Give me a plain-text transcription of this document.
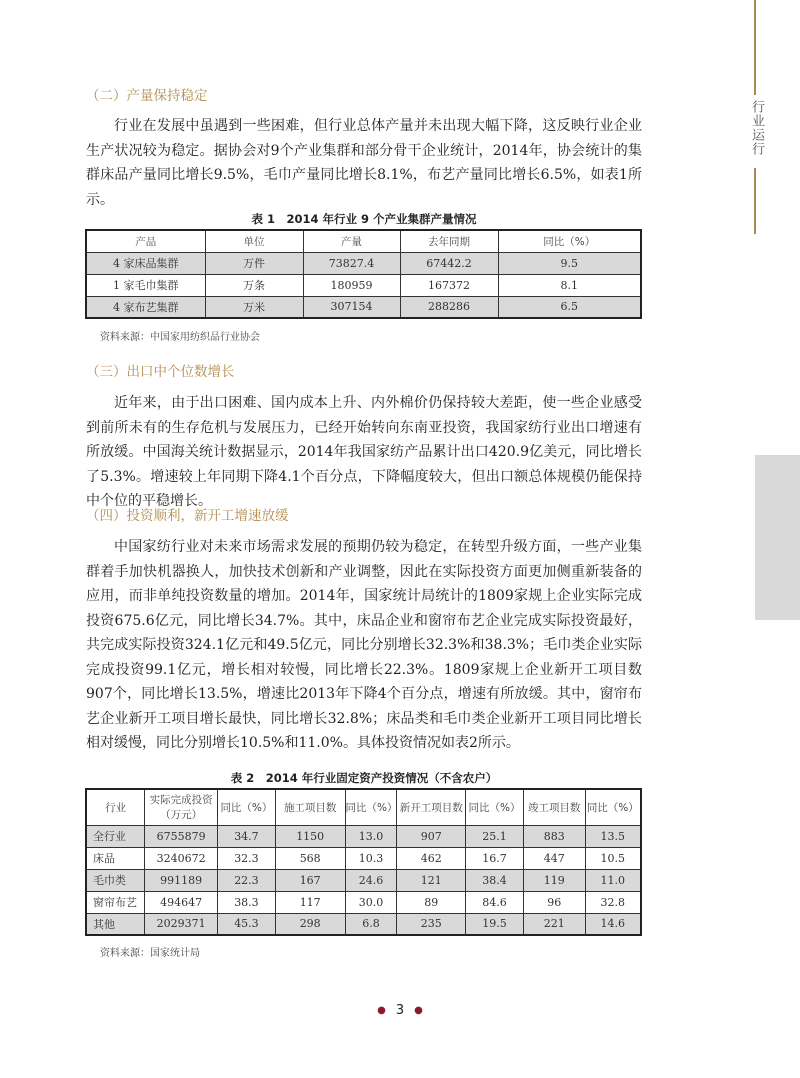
行业运行
（二）产量保持稳定
行业在发展中虽遇到一些困难，但行业总体产量并未出现大幅下降，这反映行业企业生产状况较为稳定。据协会对9个产业集群和部分骨干企业统计，2014年，协会统计的集群床品产量同比增长9.5%，毛巾产量同比增长8.1%，布艺产量同比增长6.5%，如表1所示。
表 1　2014 年行业 9 个产业集群产量情况
产品	单位	产量	去年同期	同比（%）
4 家床品集群	万件	73827.4	67442.2	9.5
1 家毛巾集群	万条	180959	167372	8.1
4 家布艺集群	万米	307154	288286	6.5
资料来源：中国家用纺织品行业协会
（三）出口中个位数增长
近年来，由于出口困难、国内成本上升、内外棉价仍保持较大差距，使一些企业感受到前所未有的生存危机与发展压力，已经开始转向东南亚投资，我国家纺行业出口增速有所放缓。中国海关统计数据显示，2014年我国家纺产品累计出口420.9亿美元，同比增长了5.3%。增速较上年同期下降4.1个百分点，下降幅度较大，但出口额总体规模仍能保持中个位的平稳增长。
（四）投资顺利，新开工增速放缓
中国家纺行业对未来市场需求发展的预期仍较为稳定，在转型升级方面，一些产业集群着手加快机器换人，加快技术创新和产业调整，因此在实际投资方面更加侧重新装备的应用，而非单纯投资数量的增加。2014年，国家统计局统计的1809家规上企业实际完成投资675.6亿元，同比增长34.7%。其中，床品企业和窗帘布艺企业完成实际投资最好，共完成实际投资324.1亿元和49.5亿元，同比分别增长32.3%和38.3%；毛巾类企业实际完成投资99.1亿元，增长相对较慢，同比增长22.3%。1809家规上企业新开工项目数907个，同比增长13.5%，增速比2013年下降4个百分点，增速有所放缓。其中，窗帘布艺企业新开工项目增长最快，同比增长32.8%；床品类和毛巾类企业新开工项目同比增长相对缓慢，同比分别增长10.5%和11.0%。具体投资情况如表2所示。
表 2　2014 年行业固定资产投资情况（不含农户）
行业	实际完成投资（万元）	同比（%）	施工项目数	同比（%）	新开工项目数	同比（%）	竣工项目数	同比（%）
全行业	6755879	34.7	1150	13.0	907	25.1	883	13.5
床品	3240672	32.3	568	10.3	462	16.7	447	10.5
毛巾类	991189	22.3	167	24.6	121	38.4	119	11.0
窗帘布艺	494647	38.3	117	30.0	89	84.6	96	32.8
其他	2029371	45.3	298	6.8	235	19.5	221	14.6
资料来源：国家统计局
● 3 ●
